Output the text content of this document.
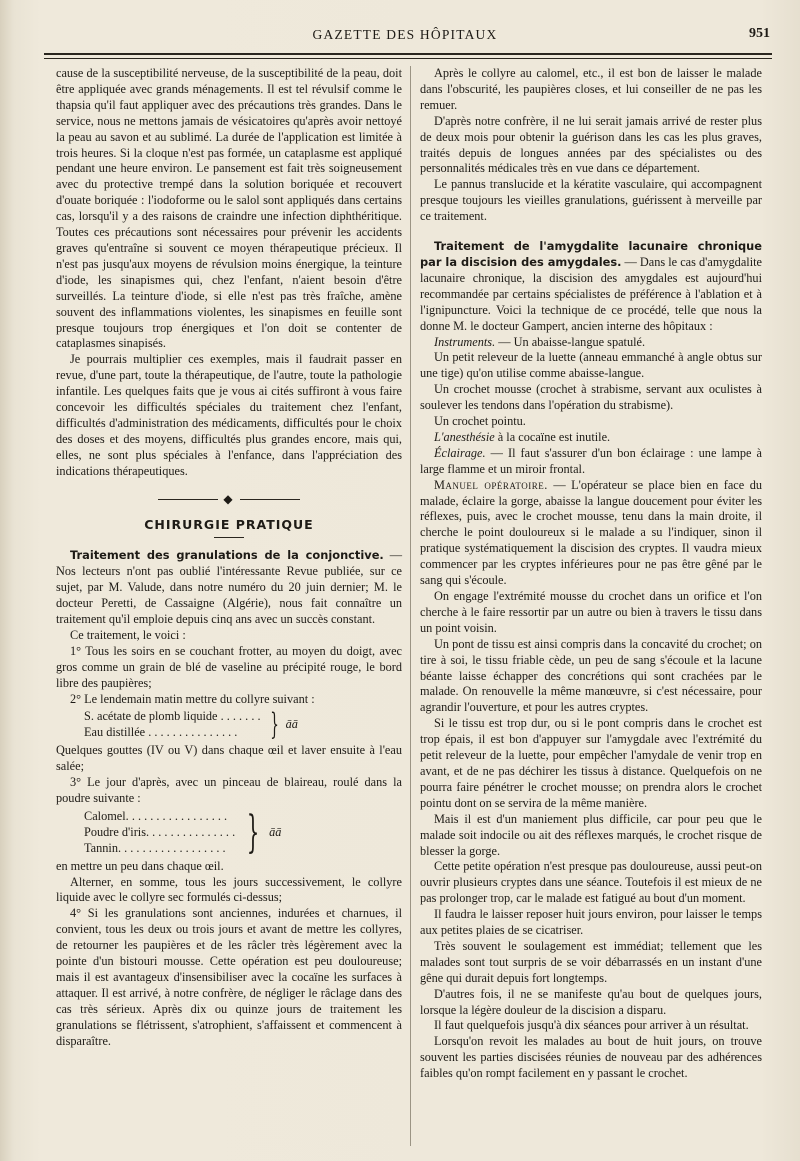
GAZETTE DES HÔPITAUX	951

cause de la susceptibilité nerveuse, de la susceptibilité de la peau, doit être appliquée avec grands ménagements. Il est tel révulsif comme le thapsia qu'il faut appliquer avec des précautions très grandes. Dans le service, nous ne mettons jamais de vésicatoires qu'après avoir nettoyé la peau au savon et au sublimé. La durée de l'application est limitée à trois heures. Si la cloque n'est pas formée, un cataplasme est appliqué pendant une heure environ. Le pansement est fait très soigneusement avec du protective trempé dans la solution boriquée et recouvert d'ouate boriquée : l'iodoforme ou le salol sont appliqués dans certains cas, lorsqu'il y a des raisons de craindre une infection diphthéritique. Toutes ces précautions sont nécessaires pour prévenir les accidents graves qu'entraîne si souvent ce moyen thérapeutique précieux. Il n'est pas jusqu'aux moyens de révulsion moins énergique, la teinture d'iode, les sinapismes qui, chez l'enfant, n'aient besoin d'être surveillés. La teinture d'iode, si elle n'est pas très fraîche, amène souvent des inflammations violentes, les sinapismes en feuille sont presque toujours trop énergiques et l'on doit se contenter de cataplasmes sinapisés.

Je pourrais multiplier ces exemples, mais il faudrait passer en revue, d'une part, toute la thérapeutique, de l'autre, toute la pathologie infantile. Les quelques faits que je vous ai cités suffiront à vous faire concevoir les difficultés spéciales du traitement chez l'enfant, difficultés d'administration des médicaments, difficultés pour le choix des doses et des moyens, difficultés plus grandes encore, mais qui, elles, ne sont plus spéciales à l'enfance, dans l'appréciation des indications thérapeutiques.

◆
CHIRURGIE PRATIQUE

Traitement des granulations de la conjonctive. — Nos lecteurs n'ont pas oublié l'intéressante Revue publiée, sur ce sujet, par M. Valude, dans notre numéro du 20 juin dernier; M. le docteur Peretti, de Cassaigne (Algérie), nous fait connaître un traitement qu'il emploie depuis cinq ans avec un succès constant.

Ce traitement, le voici :

1° Tous les soirs en se couchant frotter, au moyen du doigt, avec gros comme un grain de blé de vaseline au précipité rouge, le bord libre des paupières;

2° Le lendemain matin mettre du collyre suivant :

S. acétate de plomb liquide . . . . . . .
Eau distillée . . . . . . . . . . . . . . .	} āā

Quelques gouttes (IV ou V) dans chaque œil et laver ensuite à l'eau salée;

3° Le jour d'après, avec un pinceau de blaireau, roulé dans la poudre suivante :

Calomel. . . . . . . . . . . . . . . . .
Poudre d'iris. . . . . . . . . . . . . . .
Tannin. . . . . . . . . . . . . . . . . . } āā

en mettre un peu dans chaque œil.

Alterner, en somme, tous les jours successivement, le collyre liquide avec le collyre sec formulés ci-dessus;

4° Si les granulations sont anciennes, indurées et charnues, il convient, tous les deux ou trois jours et avant de mettre les collyres, de retourner les paupières et de les râcler très légèrement avec la pointe d'un bistouri mousse. Cette opération est peu douloureuse; mais il est avantageux d'insensibiliser avec la cocaïne les surfaces à attaquer. Il est arrivé, à notre confrère, de négliger le râclage dans des cas très sérieux. Après dix ou quinze jours de traitement les granulations se flétrissent, s'atrophient, s'affaissent et commencent à disparaître.

Après le collyre au calomel, etc., il est bon de laisser le malade dans l'obscurité, les paupières closes, et lui conseiller de ne pas les remuer.

D'après notre confrère, il ne lui serait jamais arrivé de rester plus de deux mois pour obtenir la guérison dans les cas les plus graves, traités depuis de longues années par des spécialistes ou des personnalités médicales très en vue dans ce département.

Le pannus translucide et la kératite vasculaire, qui accompagnent presque toujours les vieilles granulations, guérissent à merveille par ce traitement.

Traitement de l'amygdalite lacunaire chronique par la discision des amygdales. — Dans le cas d'amygdalite lacunaire chronique, la discision des amygdales est aujourd'hui recommandée par certains spécialistes de préférence à l'ablation et à l'ignipuncture. Voici la technique de ce procédé, telle que nous la donne M. le docteur Gampert, ancien interne des hôpitaux :

Instruments. — Un abaisse-langue spatulé.

Un petit releveur de la luette (anneau emmanché à angle obtus sur une tige) qu'on utilise comme abaisse-langue.

Un crochet mousse (crochet à strabisme, servant aux oculistes à soulever les tendons dans l'opération du strabisme).

Un crochet pointu.

L'anesthésie à la cocaïne est inutile.

Éclairage. — Il faut s'assurer d'un bon éclairage : une lampe à large flamme et un miroir frontal.

Manuel opératoire. — L'opérateur se place bien en face du malade, éclaire la gorge, abaisse la langue doucement pour éviter les réflexes, puis, avec le crochet mousse, tenu dans la main droite, il cherche le point douloureux si le malade a su l'indiquer, sinon il pratique systématiquement la discision des cryptes. Il vaudra mieux commencer par les cryptes inférieures pour ne pas être gêné par le sang qui s'écoule.

On engage l'extrémité mousse du crochet dans un orifice et l'on cherche à le faire ressortir par un autre ou bien à travers le tissu dans un point voisin.

Un pont de tissu est ainsi compris dans la concavité du crochet; on tire à soi, le tissu friable cède, un peu de sang s'écoule et la lacune béante laisse échapper des concrétions qui sont crachées par le malade. On renouvelle la même manœuvre, si c'est nécessaire, pour agrandir l'ouverture, et pour les autres cryptes.

Si le tissu est trop dur, ou si le pont compris dans le crochet est trop épais, il est bon d'appuyer sur l'amygdale avec l'extrémité du petit releveur de la luette, pour empêcher l'amydale de venir trop en avant, et de ne pas déchirer les tissus à distance. Quelquefois on ne pourra faire pénétrer le crochet mousse; on prendra alors le crochet pointu dont on se servira de la même manière.

Mais il est d'un maniement plus difficile, car pour peu que le malade soit indocile ou ait des réflexes marqués, le crochet risque de blesser la gorge.

Cette petite opération n'est presque pas douloureuse, aussi peut-on ouvrir plusieurs cryptes dans une séance. Toutefois il est mieux de ne pas prolonger trop, car le malade est fatigué au bout d'un moment.

Il faudra le laisser reposer huit jours environ, pour laisser le temps aux petites plaies de se cicatriser.

Très souvent le soulagement est immédiat; tellement que les malades sont tout surpris de se voir débarrassés en un instant d'une gêne qui durait depuis fort longtemps.

D'autres fois, il ne se manifeste qu'au bout de quelques jours, lorsque la légère douleur de la discision a disparu.

Il faut quelquefois jusqu'à dix séances pour arriver à un résultat.

Lorsqu'on revoit les malades au bout de huit jours, on trouve souvent les parties discisées réunies de nouveau par des adhérences faibles qu'on rompt facilement en y passant le crochet.
